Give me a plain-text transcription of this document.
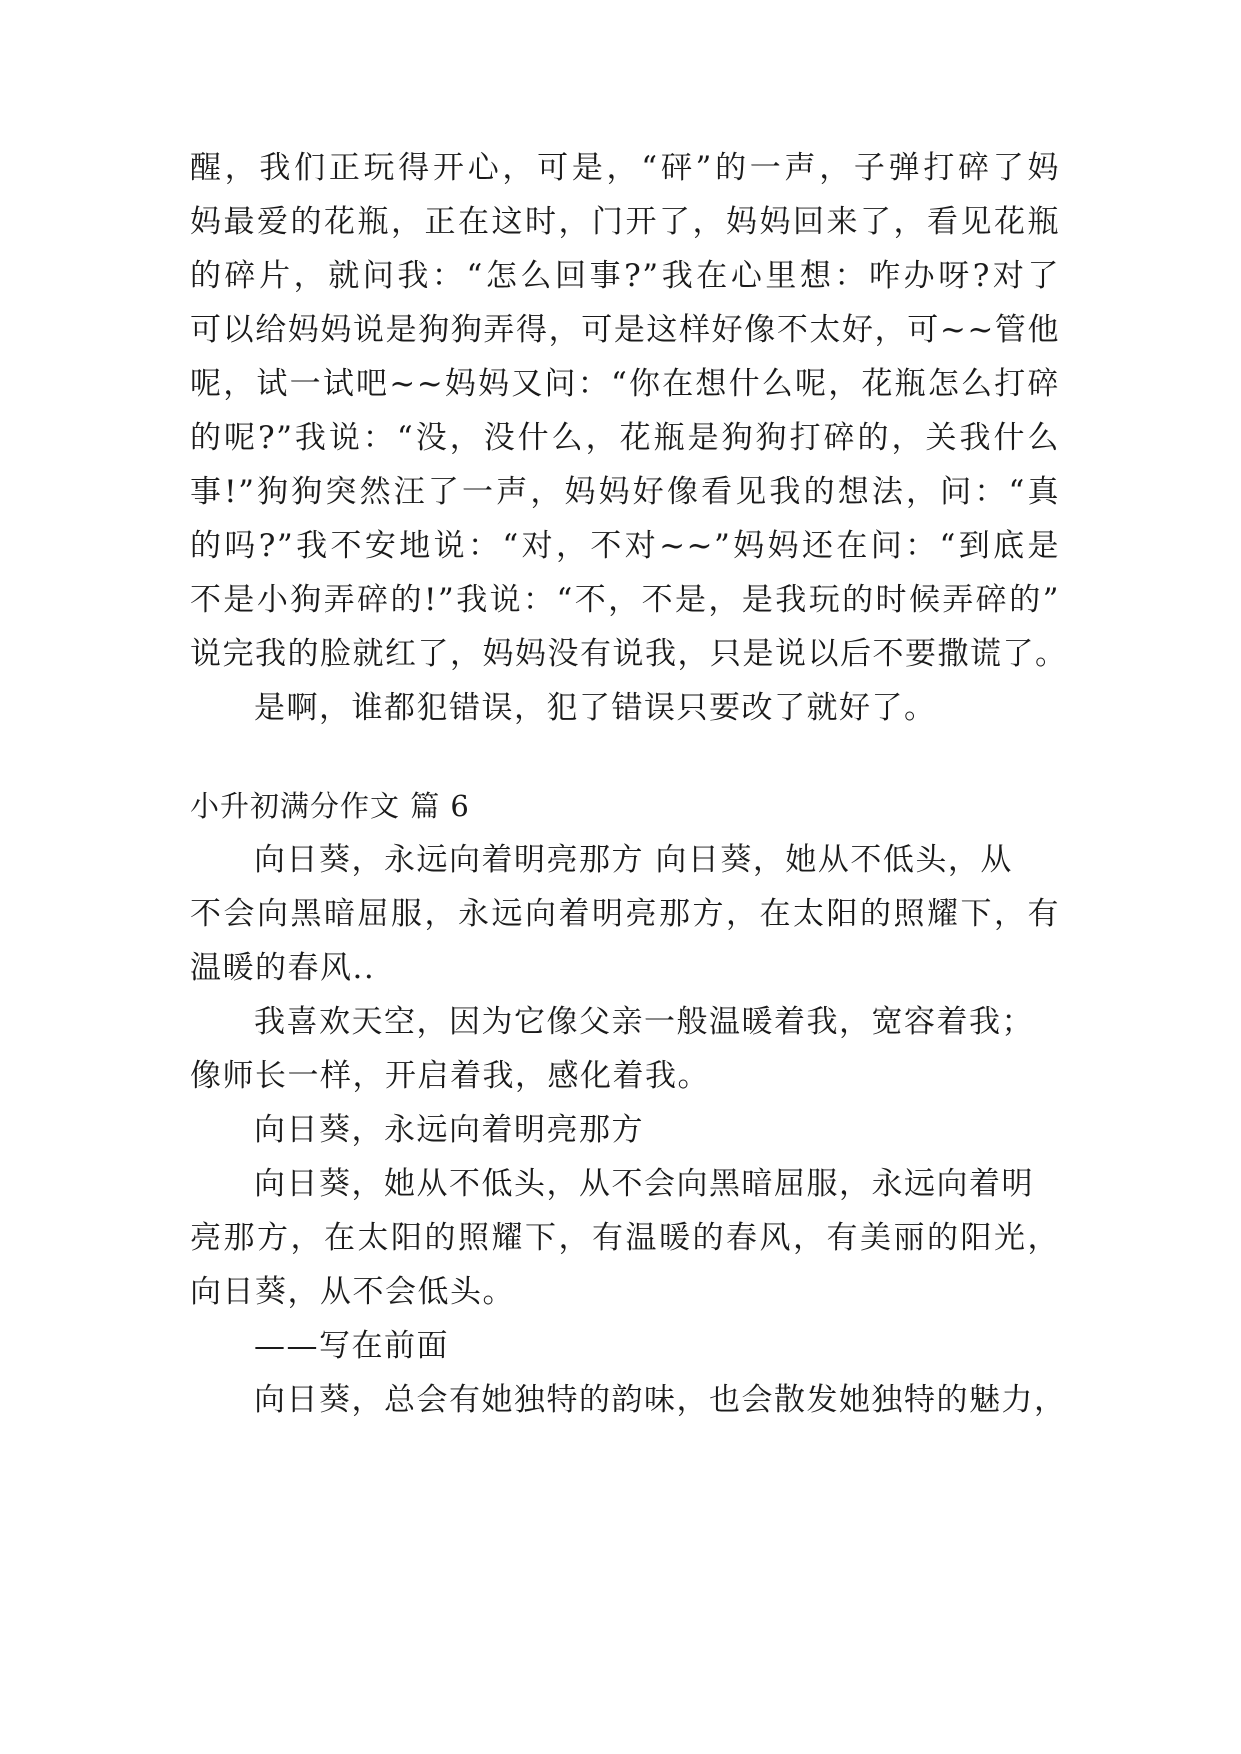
醒，我们正玩得开心，可是，“砰”的一声，子弹打碎了妈
妈最爱的花瓶，正在这时，门开了，妈妈回来了，看见花瓶
的碎片，就问我：“怎么回事?”我在心里想：咋办呀?对了
可以给妈妈说是狗狗弄得，可是这样好像不太好，可~~管他
呢，试一试吧~~妈妈又问：“你在想什么呢，花瓶怎么打碎
的呢?”我说：“没，没什么，花瓶是狗狗打碎的，关我什么
事!”狗狗突然汪了一声，妈妈好像看见我的想法，问：“真
的吗?”我不安地说：“对，不对~~”妈妈还在问：“到底是
不是小狗弄碎的!”我说：“不，不是，是我玩的时候弄碎的”
说完我的脸就红了，妈妈没有说我，只是说以后不要撒谎了。
是啊，谁都犯错误，犯了错误只要改了就好了。
小升初满分作文 篇 6
向日葵，永远向着明亮那方 向日葵，她从不低头，从
不会向黑暗屈服，永远向着明亮那方，在太阳的照耀下，有
温暖的春风..
我喜欢天空，因为它像父亲一般温暖着我，宽容着我；
像师长一样，开启着我，感化着我。
向日葵，永远向着明亮那方
向日葵，她从不低头，从不会向黑暗屈服，永远向着明
亮那方，在太阳的照耀下，有温暖的春风，有美丽的阳光，
向日葵，从不会低头。
——写在前面
向日葵，总会有她独特的韵味，也会散发她独特的魅力，
